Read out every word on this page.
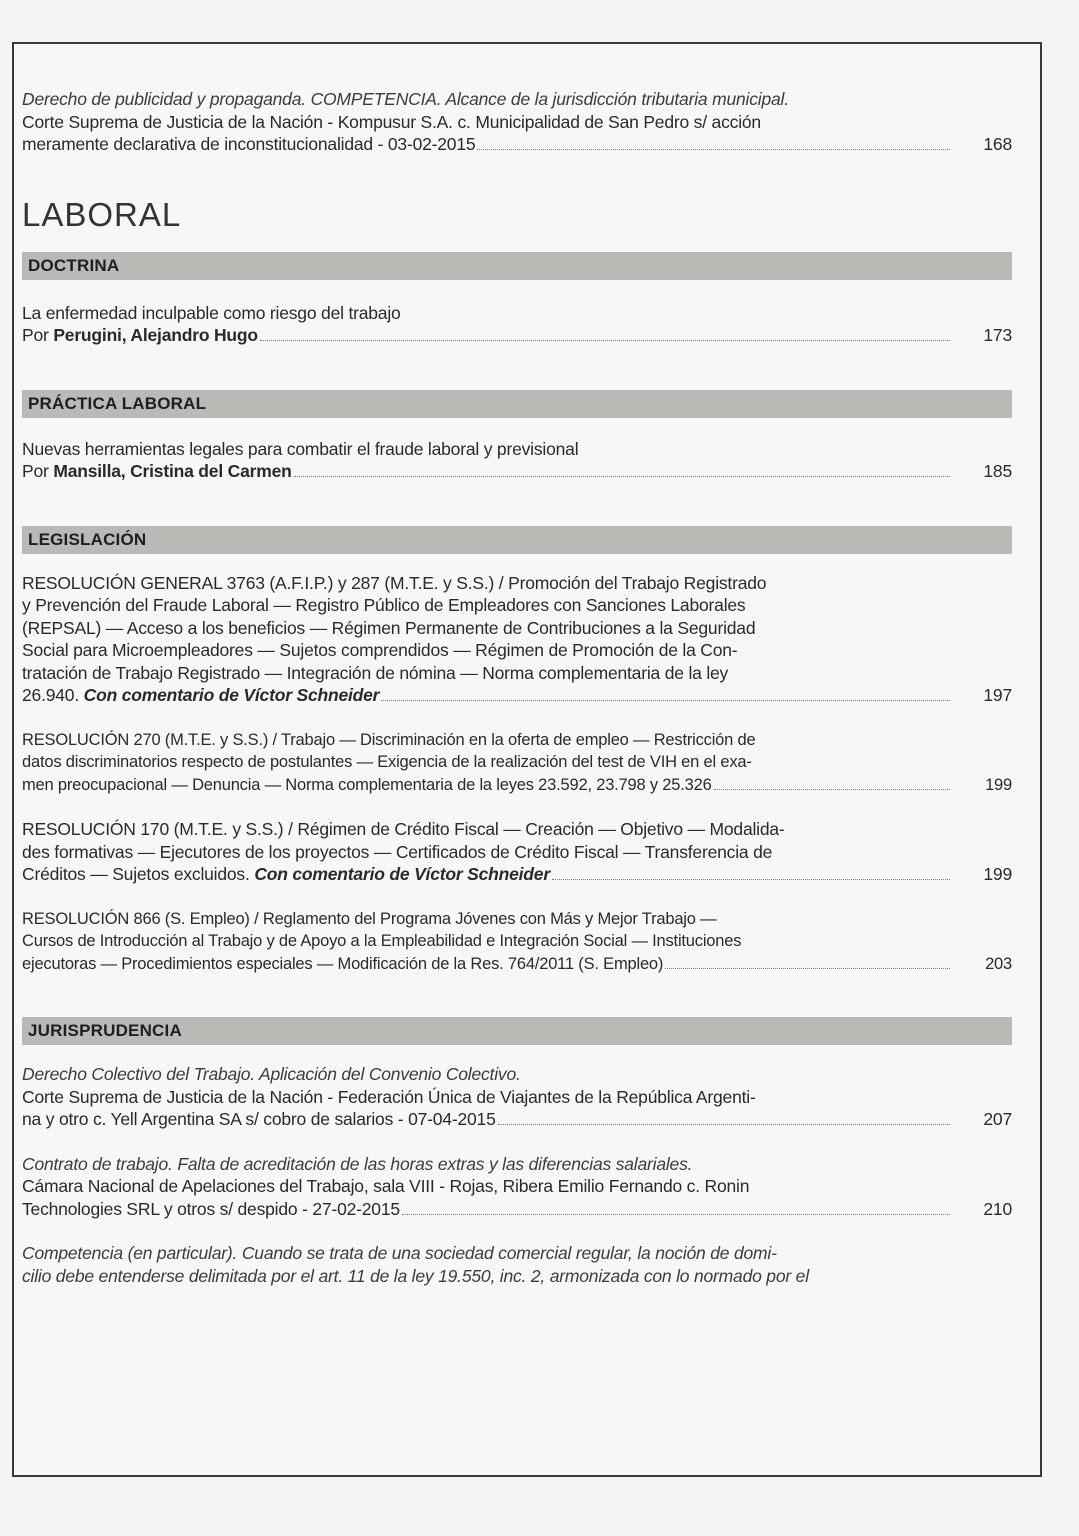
Derecho de publicidad y propaganda. COMPETENCIA. Alcance de la jurisdicción tributaria municipal.
Corte Suprema de Justicia de la Nación - Kompusur S.A. c. Municipalidad de San Pedro s/ acción
meramente declarativa de inconstitucionalidad - 03-02-2015	168
LABORAL
DOCTRINA
La enfermedad inculpable como riesgo del trabajo
Por Perugini, Alejandro Hugo	173
PRÁCTICA LABORAL
Nuevas herramientas legales para combatir el fraude laboral y previsional
Por Mansilla, Cristina del Carmen	185
LEGISLACIÓN
RESOLUCIÓN GENERAL 3763 (A.F.I.P.) y 287 (M.T.E. y S.S.) / Promoción del Trabajo Registrado
y Prevención del Fraude Laboral — Registro Público de Empleadores con Sanciones Laborales
(REPSAL) — Acceso a los beneficios — Régimen Permanente de Contribuciones a la Seguridad
Social para Microempleadores — Sujetos comprendidos — Régimen de Promoción de la Con-
tratación de Trabajo Registrado — Integración de nómina — Norma complementaria de la ley
26.940. Con comentario de Víctor Schneider	197
RESOLUCIÓN 270 (M.T.E. y S.S.) / Trabajo — Discriminación en la oferta de empleo — Restricción de
datos discriminatorios respecto de postulantes — Exigencia de la realización del test de VIH en el exa-
men preocupacional — Denuncia — Norma complementaria de la leyes 23.592, 23.798 y 25.326	199
RESOLUCIÓN 170 (M.T.E. y S.S.) / Régimen de Crédito Fiscal — Creación — Objetivo — Modalida-
des formativas — Ejecutores de los proyectos — Certificados de Crédito Fiscal — Transferencia de
Créditos — Sujetos excluidos. Con comentario de Víctor Schneider	199
RESOLUCIÓN 866 (S. Empleo) / Reglamento del Programa Jóvenes con Más y Mejor Trabajo —
Cursos de Introducción al Trabajo y de Apoyo a la Empleabilidad e Integración Social — Instituciones
ejecutoras — Procedimientos especiales — Modificación de la Res. 764/2011 (S. Empleo)	203
JURISPRUDENCIA
Derecho Colectivo del Trabajo. Aplicación del Convenio Colectivo.
Corte Suprema de Justicia de la Nación - Federación Única de Viajantes de la República Argenti-
na y otro c. Yell Argentina SA s/ cobro de salarios - 07-04-2015	207
Contrato de trabajo. Falta de acreditación de las horas extras y las diferencias salariales.
Cámara Nacional de Apelaciones del Trabajo, sala VIII - Rojas, Ribera Emilio Fernando c. Ronin
Technologies SRL y otros s/ despido - 27-02-2015	210
Competencia (en particular). Cuando se trata de una sociedad comercial regular, la noción de domi-
cilio debe entenderse delimitada por el art. 11 de la ley 19.550, inc. 2, armonizada con lo normado por el
